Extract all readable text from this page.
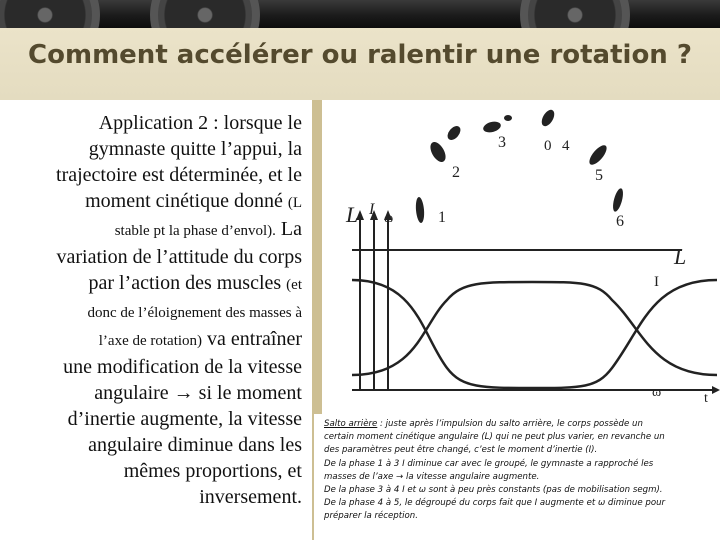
Comment accélérer ou ralentir une rotation ?
Application 2 : lorsque le
gymnaste quitte l’appui, la
trajectoire est déterminée, et le
moment cinétique donné (L
stable pt la phase d’envol). La
variation de l’attitude du corps
par l’action des muscles (et
donc de l’éloignement des masses à
l’axe de rotation) va entraîner
une modification de la vitesse
angulaire → si le moment
d’inertie augmente, la vitesse
angulaire diminue dans les
mêmes proportions, et
inversement.
L I
ω
t
L
I
ω
1
2
3	0 4
5
6
Salto arrière : juste après l’impulsion du salto arrière, le corps possède un
certain moment cinétique angulaire (L) qui ne peut plus varier, en revanche un
des paramètres peut être changé, c’est le moment d’inertie (I).
De la phase 1 à 3 I diminue car avec le groupé, le gymnaste a rapproché les
masses de l’axe → la vitesse angulaire augmente.
De la phase 3 à 4 I et ω sont à peu près constants (pas de mobilisation segm).
De la phase 4 à 5, le dégroupé du corps fait que I augmente et ω diminue pour
préparer la réception.
